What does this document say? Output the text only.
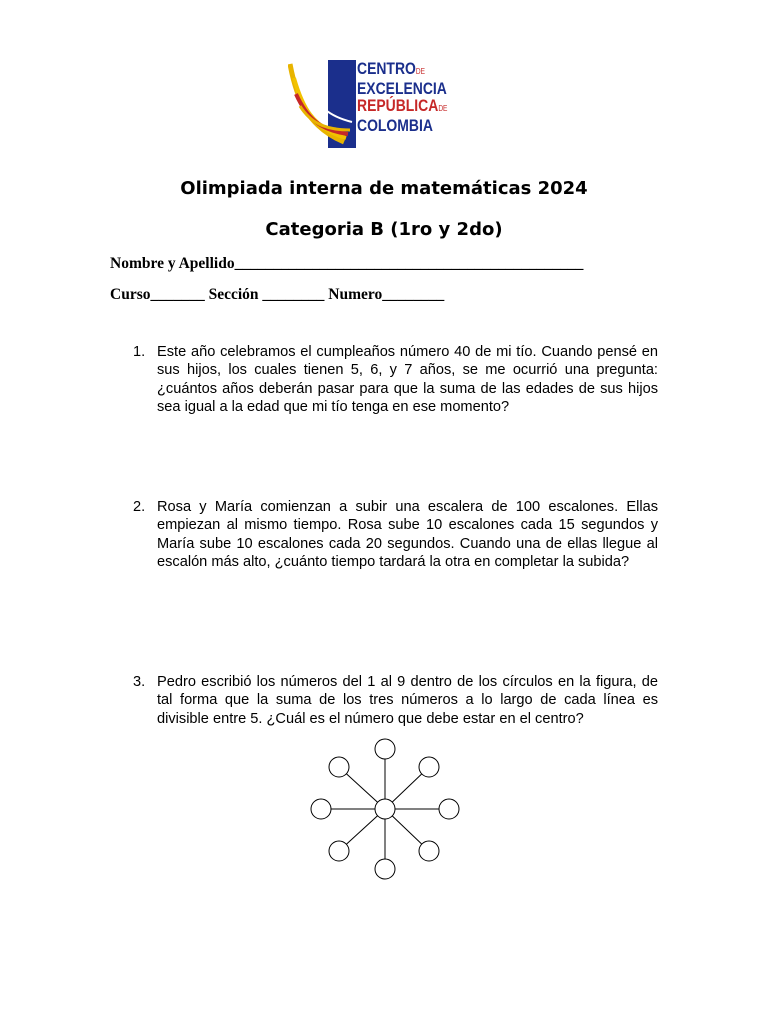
CENTRODE
EXCELENCIA
REPÚBLICADE
COLOMBIA
Olimpiada interna de matemáticas 2024
Categoria B (1ro y 2do)
Nombre y Apellido_____________________________________________
Curso_______ Sección ________ Numero________
1. Este año celebramos el cumpleaños número 40 de mi tío. Cuando pensé en sus hijos, los cuales tienen 5, 6, y 7 años, se me ocurrió una pregunta: ¿cuántos años deberán pasar para que la suma de las edades de sus hijos sea igual a la edad que mi tío tenga en ese momento?
2. Rosa y María comienzan a subir una escalera de 100 escalones. Ellas empiezan al mismo tiempo. Rosa sube 10 escalones cada 15 segundos y María sube 10 escalones cada 20 segundos. Cuando una de ellas llegue al escalón más alto, ¿cuánto tiempo tardará la otra en completar la subida?
3. Pedro escribió los números del 1 al 9 dentro de los círculos en la figura, de tal forma que la suma de los tres números a lo largo de cada línea es divisible entre 5. ¿Cuál es el número que debe estar en el centro?
